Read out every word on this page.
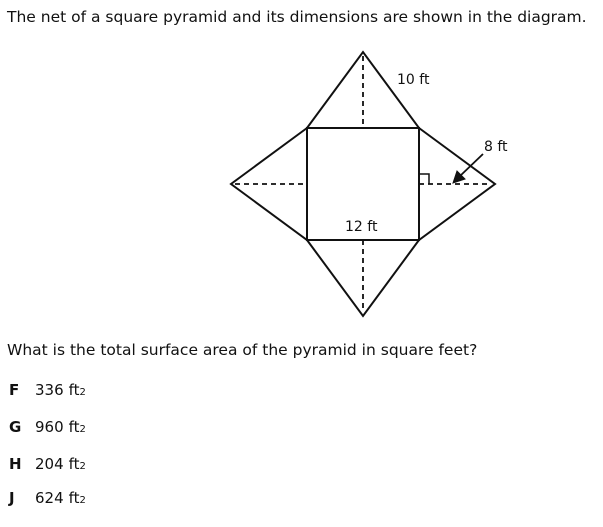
The net of a square pyramid and its dimensions are shown in the diagram.

10 ft
8 ft
12 ft

What is the total surface area of the pyramid in square feet?

F	336 ft 2
G 960 ft 2
H 204 ft 2
J	624 ft 2
